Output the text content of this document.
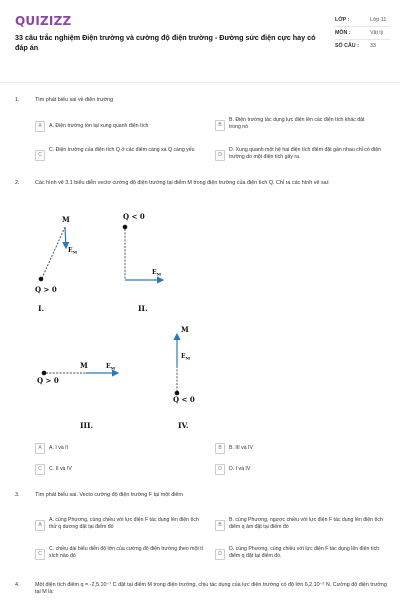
QUIZIZZ
33 câu trắc nghiệm Điện trường và cường độ điện trường - Đường sức điện cực hay có đáp án
LỚP :	Lớp 11
MÔN :	Vật lý
SỐ CÂU : 33
1.	Tìm phát biểu sai về điện trường
A	A. Điện trường tồn tại xung quanh điện tích	B
B. Điện trường tác dụng lực điện lên các điện tích khác đặt trong nó
C
C. Điện trường của điện tích Q ở các điểm càng xa Q càng yếu
D
D. Xung quanh một hệ hai điện tích điểm đặt gần nhau chỉ có điện trường do một điện tích gây ra.
2.	Các hình vẽ 3.1 biểu diễn vectơ cường độ điện trường tại điểm M trong điện trường của điện tích Q. Chỉ ra các hình vẽ sai:
M
$E_M$
Q > 0
I.
Q < 0
$E_M$
II.
M	$E_M$
Q > 0
III.
M
$E_M$
Q < 0
IV.
A	A. I và II	B	B. III và IV
C	C. II và IV	D	D. I và IV
3.	Tìm phát biểu sai. Vecto cường độ điện trường F tại một điểm
A
A. cùng Phương, cùng chiều với lực điện F tác dụng lên điện tích thử q dương đặt tại điểm đó	B
B. cùng Phương, ngược chiều với lực điện F tác dụng lên điện tích điểm q âm đặt tại điểm đó
C
C. chiều dài biểu diễn độ lớn của cường độ điện trường theo một tỉ xích nào đó	D
D. cùng Phương, cùng chiều với lực điện F tác dụng lên điện tích điểm q đặt tại điểm đó.
4.	Một điện tích điểm q = -2,5.10⁻⁷ C đặt tại điểm M trong điện trường, chịu tác dụng của lực điện trường có độ lớn 6,2.10⁻² N. Cường độ điện trường tại M là:
